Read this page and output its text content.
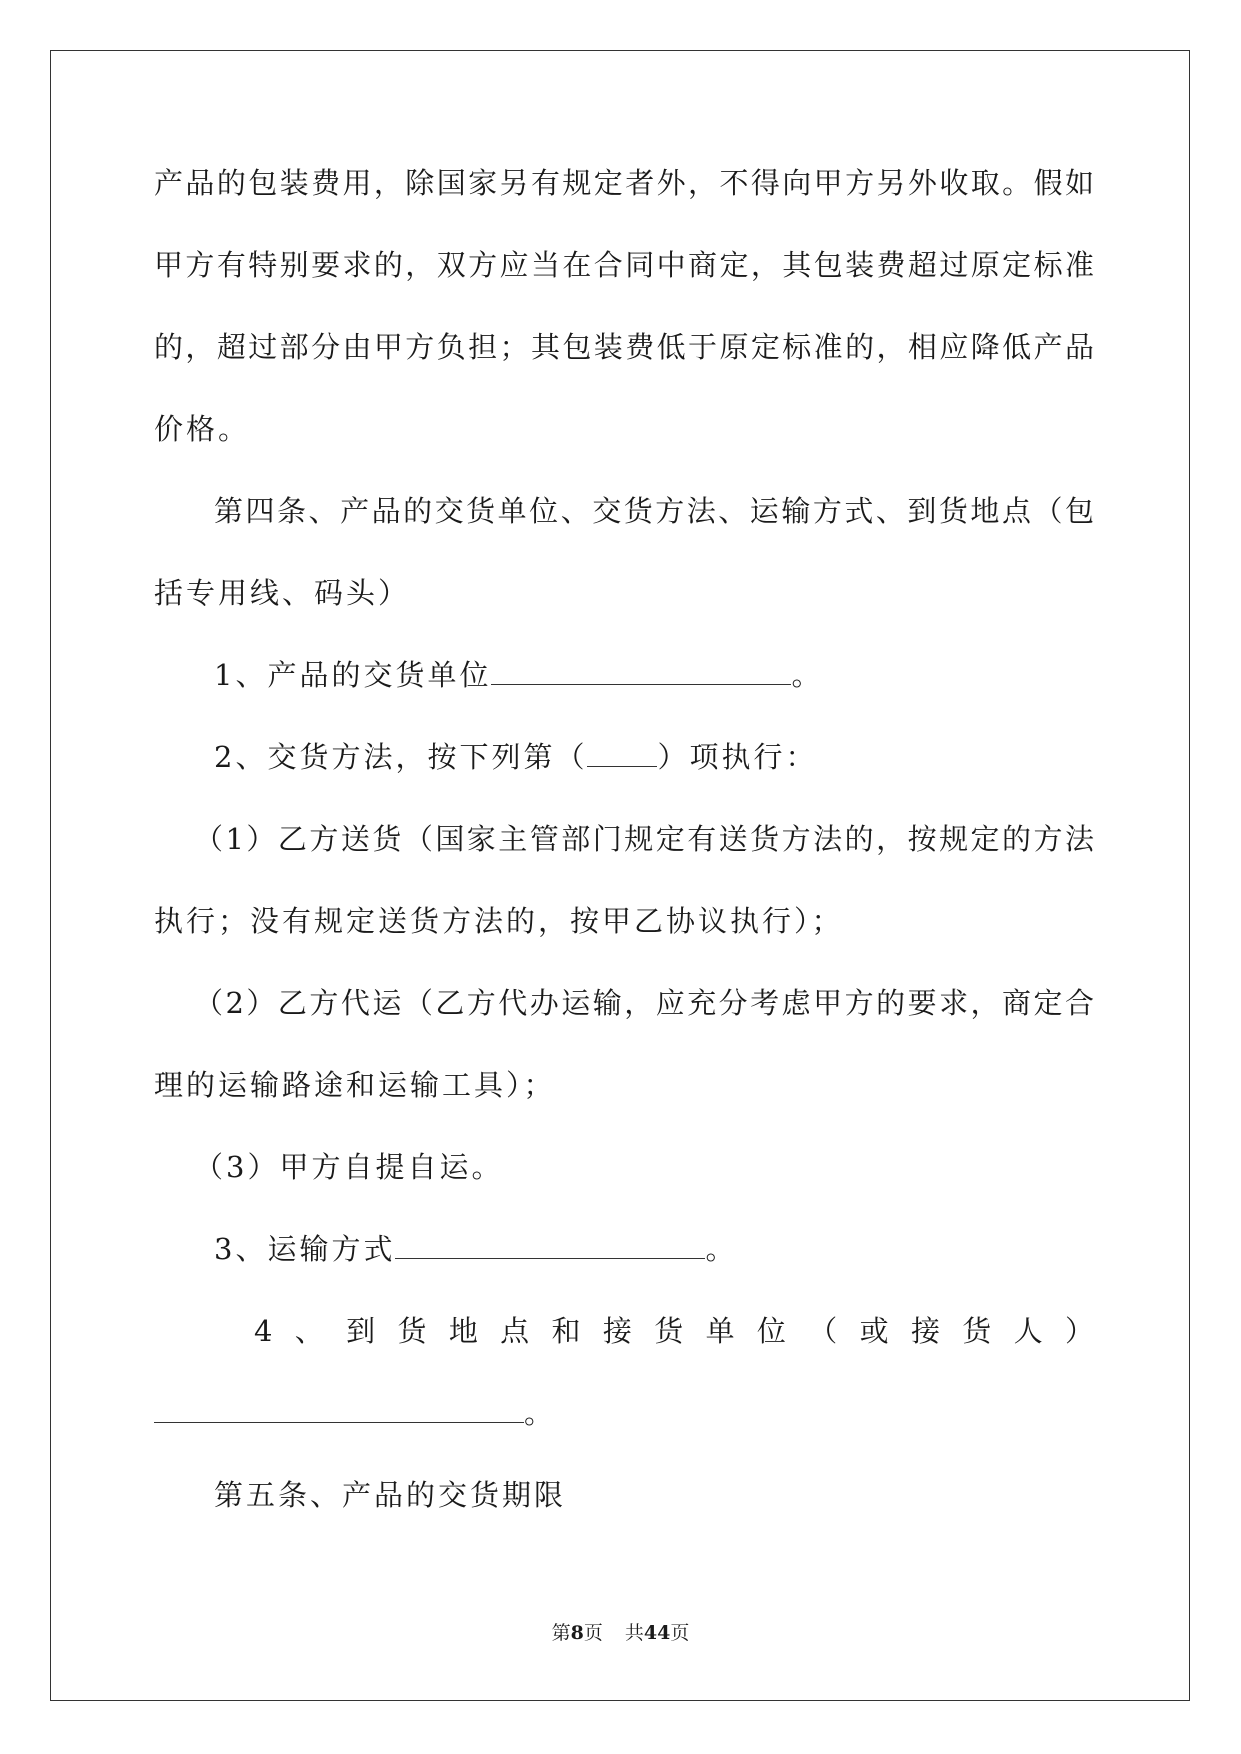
产品的包装费用，除国家另有规定者外，不得向甲方另外收取。假如
甲方有特别要求的，双方应当在合同中商定，其包装费超过原定标准
的，超过部分由甲方负担；其包装费低于原定标准的，相应降低产品
价格。
第四条、产品的交货单位、交货方法、运输方式、到货地点（包
括专用线、码头）
1、产品的交货单位	。
2、交货方法，按下列第（ ）项执行：
（1）乙方送货（国家主管部门规定有送货方法的，按规定的方法
执行；没有规定送货方法的，按甲乙协议执行）；
（2）乙方代运（乙方代办运输，应充分考虑甲方的要求，商定合
理的运输路途和运输工具）；
（3）甲方自提自运。
3、运输方式	。
4、到货地点和接货单位（或接货人）
。
第五条、产品的交货期限
第8页 共44页
